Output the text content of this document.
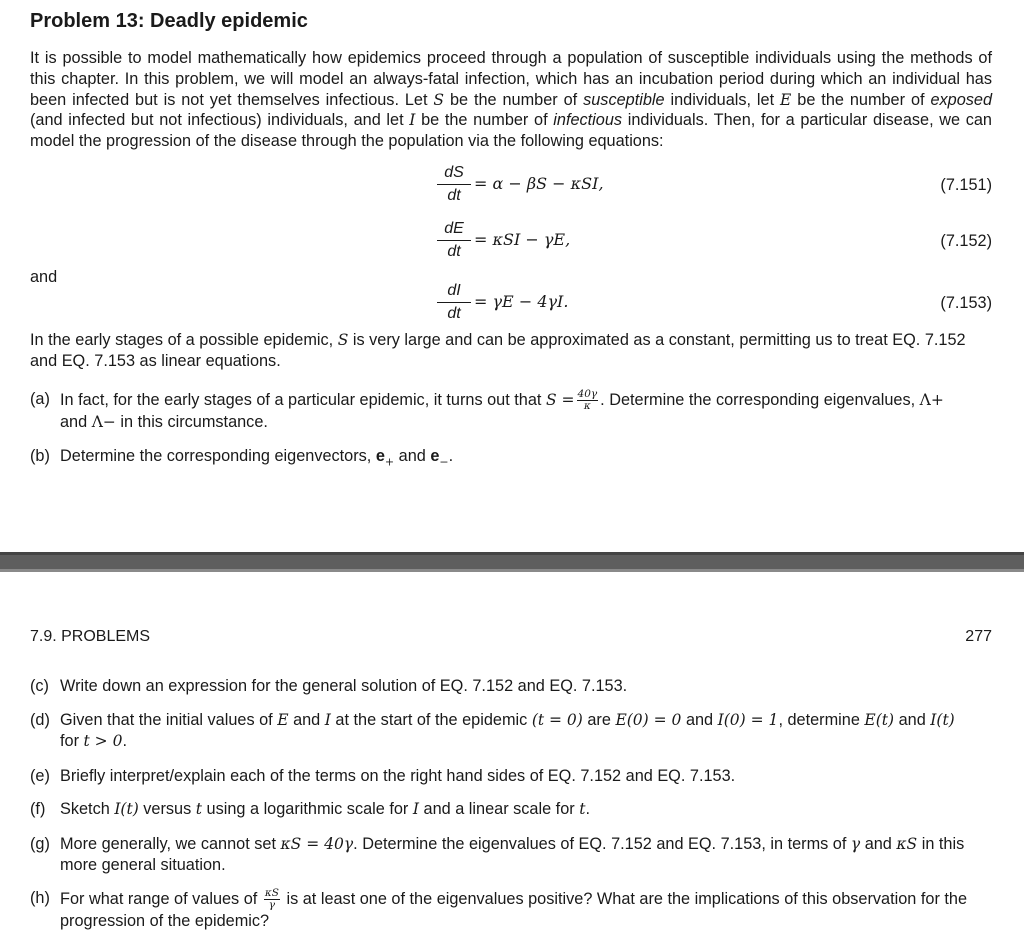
Problem 13: Deadly epidemic

It is possible to model mathematically how epidemics proceed through a population of susceptible individuals using the methods of this chapter. In this problem, we will model an always-fatal infection, which has an incubation period during which an individual has been infected but is not yet themselves infectious. Let S be the number of susceptible individuals, let E be the number of exposed (and infected but not infectious) individuals, and let I be the number of infectious individuals. Then, for a particular disease, we can model the progression of the disease through the population via the following equations:

dS
dt
= α − βS − κSI,	(7.151)
dE
dt
= κSI − γE,	(7.152)
and
dI
dt
= γE − 4γI.	(7.153)

In the early stages of a possible epidemic, S is very large and can be approximated as a constant, permitting us to treat EQ. 7.152 and EQ. 7.153 as linear equations.

(a) In fact, for the early stages of a particular epidemic, it turns out that $S = \frac{40\gamma}{\kappa}$ . Determine the corresponding eigenvalues, Λ+
and Λ− in this circumstance.
(b) Determine the corresponding eigenvectors, $e_+$ and $e_-$.
7.9. PROBLEMS	277
(c) Write down an expression for the general solution of EQ. 7.152 and EQ. 7.153.
(d) Given that the initial values of E and I at the start of the epidemic (t = 0) are E(0) = 0 and I(0) = 1, determine E(t) and I(t)
for t > 0.
(e) Briefly interpret/explain each of the terms on the right hand sides of EQ. 7.152 and EQ. 7.153.
(f) Sketch I(t) versus t using a logarithmic scale for I and a linear scale for t.
(g) More generally, we cannot set κS = 40γ. Determine the eigenvalues of EQ. 7.152 and EQ. 7.153, in terms of γ and κS in this more general situation.
(h) For what range of values of $\frac{\kappa S}{\gamma}$ is at least one of the eigenvalues positive? What are the implications of this observation for the progression of the epidemic?
